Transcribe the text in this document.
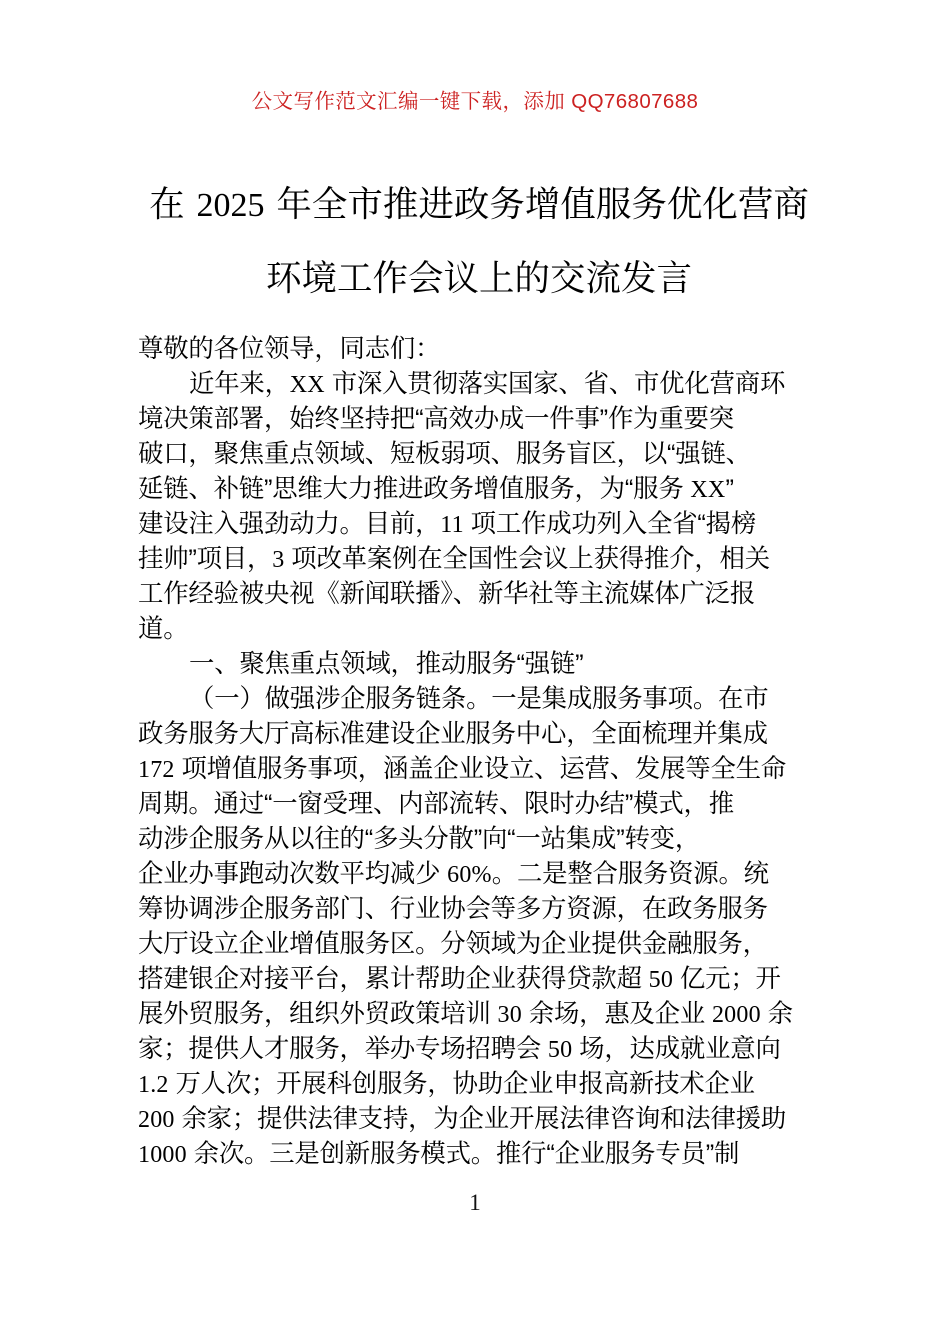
公文写作范文汇编一键下载，添加 QQ76807688
在 2025 年全市推进政务增值服务优化营商
环境工作会议上的交流发言
尊敬的各位领导，同志们：
近年来，XX 市深入贯彻落实国家、省、市优化营商环
境决策部署，始终坚持把“高效办成一件事”作为重要突
破口，聚焦重点领域、短板弱项、服务盲区，以“强链、
延链、补链”思维大力推进政务增值服务，为“服务 XX”
建设注入强劲动力。目前，11 项工作成功列入全省“揭榜
挂帅”项目，3 项改革案例在全国性会议上获得推介，相关
工作经验被央视《新闻联播》、新华社等主流媒体广泛报
道。
一、聚焦重点领域，推动服务“强链”
（一）做强涉企服务链条。一是集成服务事项。在市
政务服务大厅高标准建设企业服务中心，全面梳理并集成
172 项增值服务事项，涵盖企业设立、运营、发展等全生命
周期。通过“一窗受理、内部流转、限时办结”模式，推
动涉企服务从以往的“多头分散”向“一站集成”转变，
企业办事跑动次数平均减少 60%。二是整合服务资源。统
筹协调涉企服务部门、行业协会等多方资源，在政务服务
大厅设立企业增值服务区。分领域为企业提供金融服务，
搭建银企对接平台，累计帮助企业获得贷款超 50 亿元；开
展外贸服务，组织外贸政策培训 30 余场，惠及企业 2000 余
家；提供人才服务，举办专场招聘会 50 场，达成就业意向
1.2 万人次；开展科创服务，协助企业申报高新技术企业
200 余家；提供法律支持，为企业开展法律咨询和法律援助
1000 余次。三是创新服务模式。推行“企业服务专员”制
1
